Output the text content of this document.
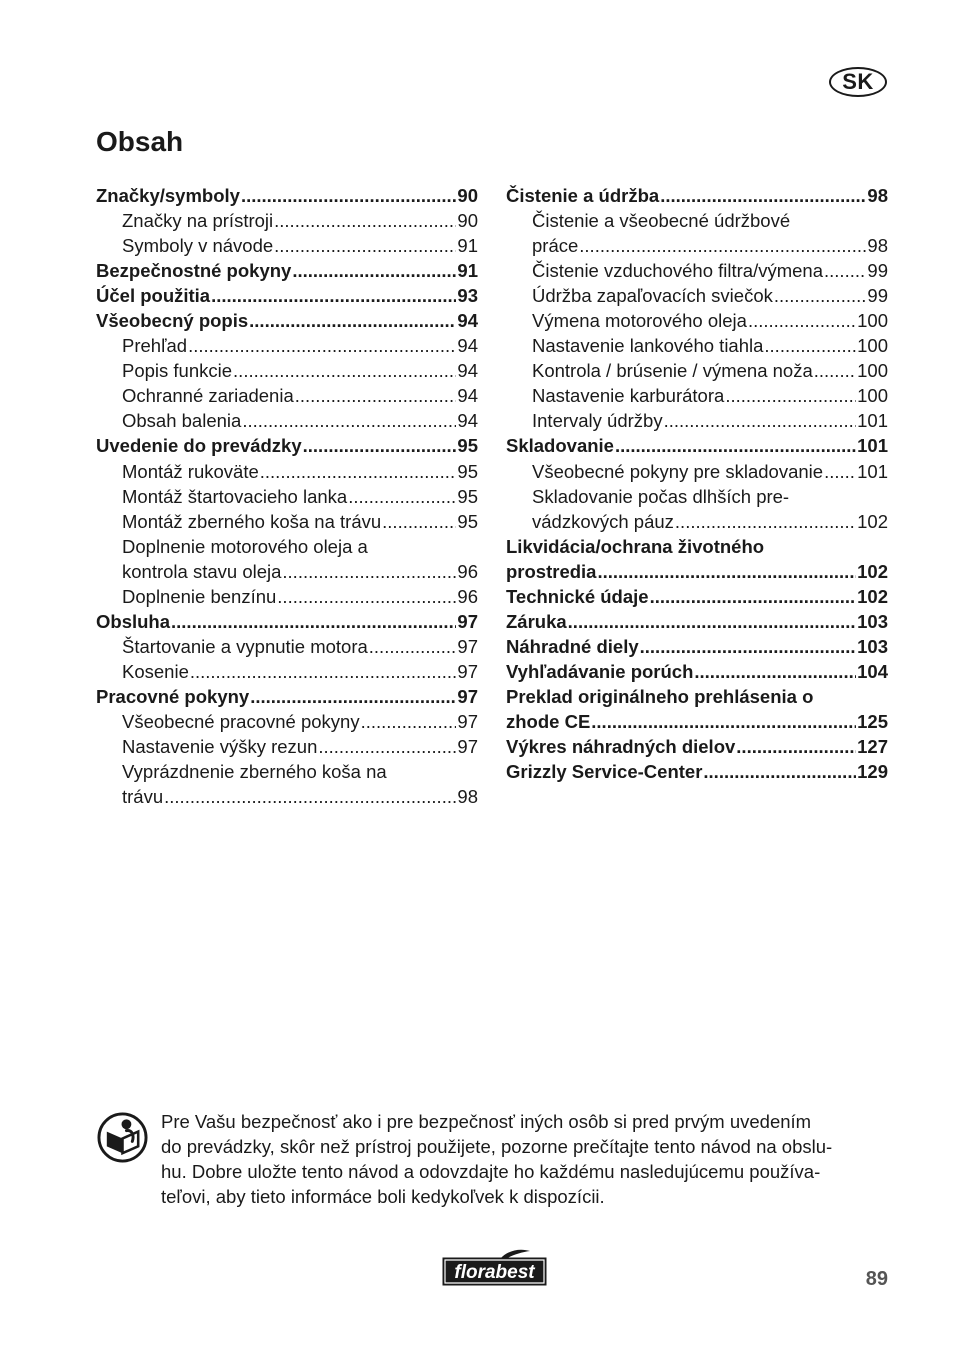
SK
Obsah
Značky/symboly .....	90
Značky na prístroji .....	90
Symboly v návode .....	91
Bezpečnostné pokyny .....	91
Účel použitia .....	93
Všeobecný popis .....	94
Prehľad .....	94
Popis funkcie .....	94
Ochranné zariadenia .....	94
Obsah balenia .....	94
Uvedenie do prevádzky .....	95
Montáž rukoväte .....	95
Montáž štartovacieho lanka .....	95
Montáž zberného koša na trávu .....	95
Doplnenie motorového oleja a
kontrola stavu oleja .....	96
Doplnenie benzínu .....	96
Obsluha .....	97
Štartovanie a vypnutie motora .....	97
Kosenie .....	97
Pracovné pokyny .....	97
Všeobecné pracovné pokyny .....	97
Nastavenie výšky rezun .....	97
Vyprázdnenie zberného koša na
trávu .....	98
Čistenie a údržba .....	98
Čistenie a všeobecné údržbové
práce .....	98
Čistenie vzduchového filtra/výmena ..... 99
Údržba zapaľovacích sviečok .....	99
Výmena motorového oleja .....	100
Nastavenie lankového tiahla .....	100
Kontrola / brúsenie / výmena noža ..... 100
Nastavenie karburátora .....	100
Intervaly údržby .....	101
Skladovanie .....	101
Všeobecné pokyny pre skladovanie ..... 101
Skladovanie počas dlhších pre-
vádzkových páuz .....	102
Likvidácia/ochrana životného
prostredia .....	102
Technické údaje .....	102
Záruka .....	103
Náhradné diely .....	103
Vyhľadávanie porúch .....	104
Preklad originálneho prehlásenia o
zhode CE .....	125
Výkres náhradných dielov .....	127
Grizzly Service-Center .....	129
Pre Vašu bezpečnosť ako i pre bezpečnosť iných osôb si pred prvým uvedením
do prevádzky, skôr než prístroj použijete, pozorne prečítajte tento návod na obslu-
hu. Dobre uložte tento návod a odovzdajte ho každému nasledujúcemu používa-
teľovi, aby tieto informáce boli kedykoľvek k dispozícii.
florabest	89
